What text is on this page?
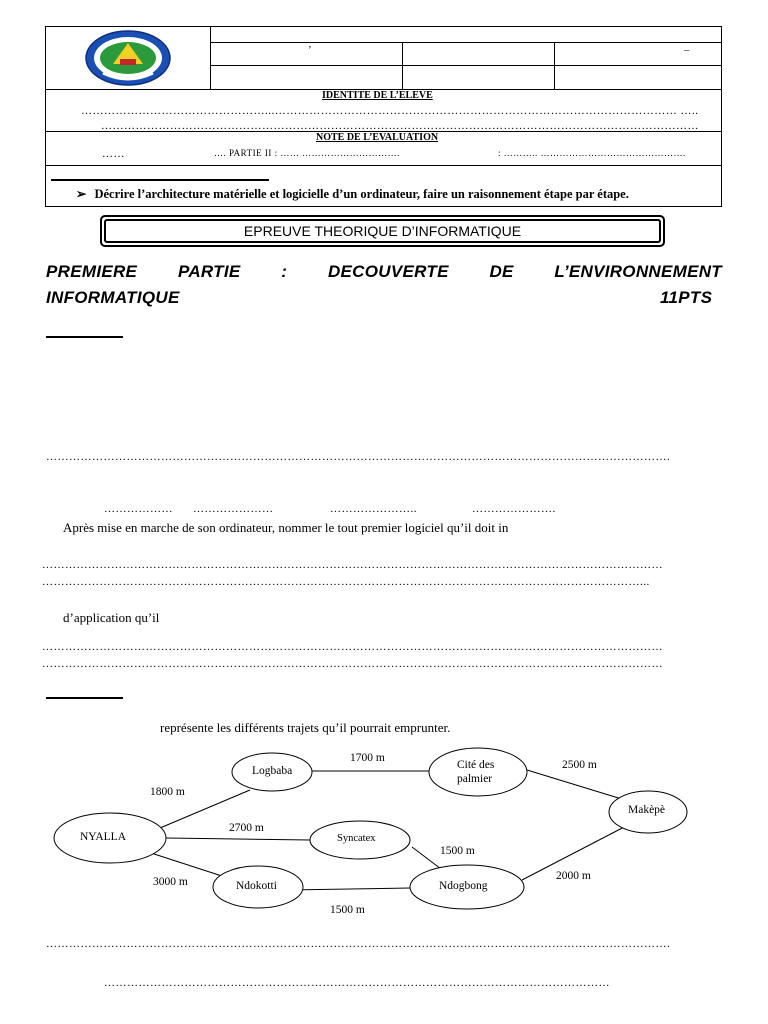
’	–
IDENTITE DE L’ELEVE
…………………………………………...…………………………………………………………………………………………… …..
…………………………………………………………………………………………………………………………………………
NOTE DE L’EVALUATION
……	…. PARTIE II : …… ………………………….	: ……….. ……………………………………….
➢ Décrire l’architecture matérielle et logicielle d’un ordinateur, faire un raisonnement étape par étape.
EPREUVE THEORIQUE D’INFORMATIQUE
PREMIERE PARTIE : DECOUVERTE DE L’ENVIRONNEMENT
INFORMATIQUE	11PTS
……………………………………………………………………………………………………………………………………………….
……………… …………………	…………………..	………………….
Après mise en marche de son ordinateur, nommer le tout premier logiciel qu’il doit in
………………………………………………………………………………………………………………………………………………
…………………………………………………………………………………………………………………………………………...
d’application qu’il
………………………………………………………………………………………………………………………………………………
………………………………………………………………………………………………………………………………………………
représente les différents trajets qu’il pourrait emprunter.
NYALLA
Logbaba	Cité des
palmier
Makèpè
Syncatex
Ndokotti	Ndogbong
1800 m
1700 m
2500 m
2700 m
1500 m
3000 m
1500 m
2000 m
……………………………………………………………………………………………………………………………………………….
……………………………………………………………………………………………………………………
